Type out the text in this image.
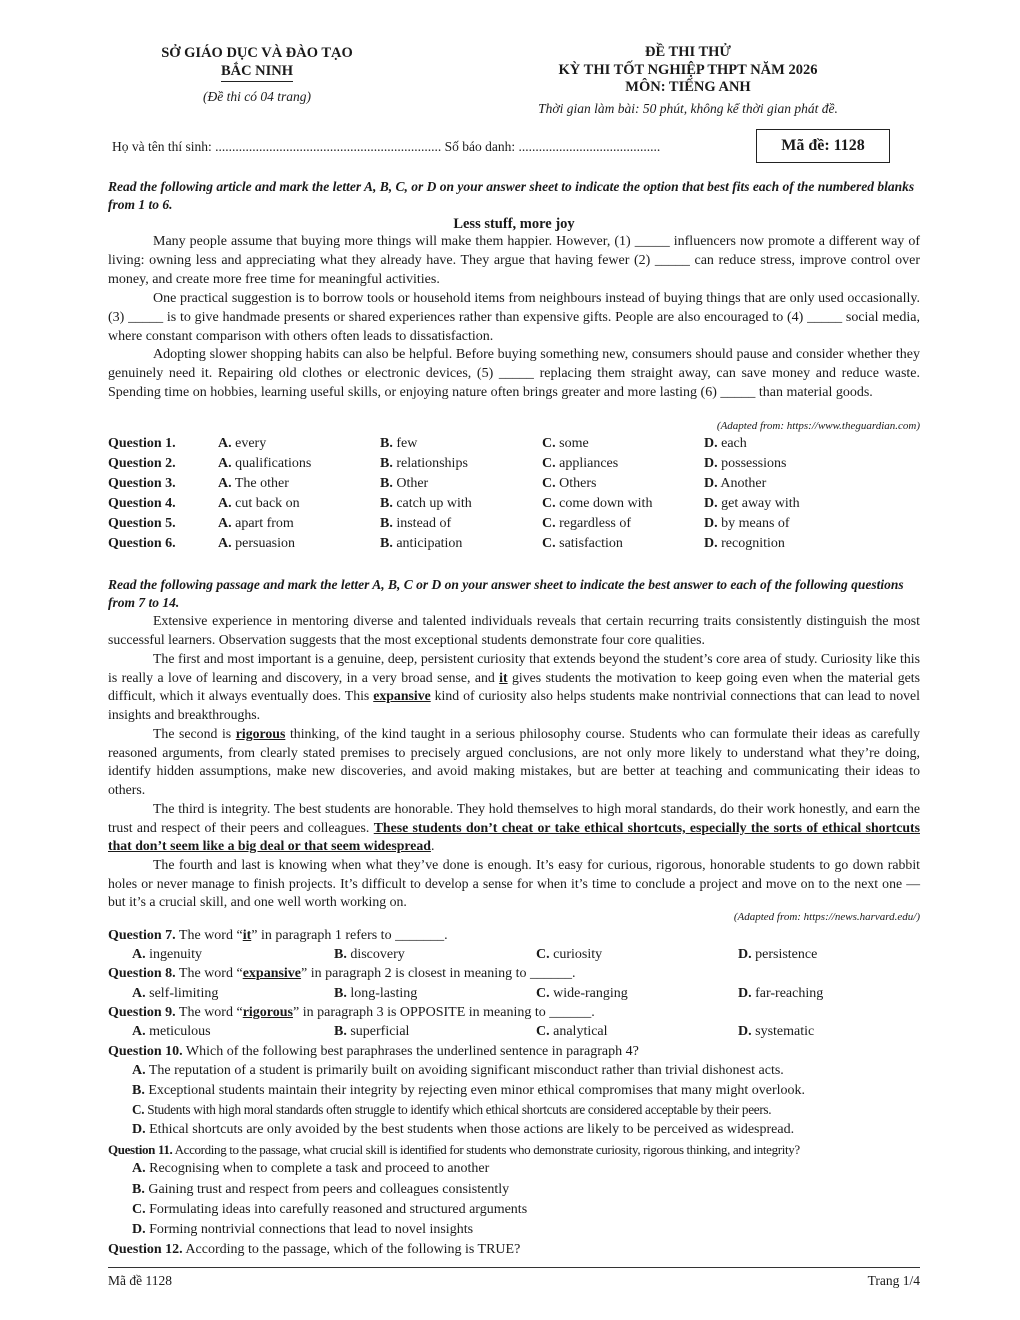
SỞ GIÁO DỤC VÀ ĐÀO TẠO
BẮC NINH
(Đề thi có 04 trang)
ĐỀ THI THỬ
KỲ THI TỐT NGHIỆP THPT NĂM 2026
MÔN: TIẾNG ANH
Thời gian làm bài: 50 phút, không kể thời gian phát đề.
Họ và tên thí sinh: ................................................................... Số báo danh: ..........................................	Mã đề: 1128
Read the following article and mark the letter A, B, C, or D on your answer sheet to indicate the option that best fits each of the numbered blanks from 1 to 6.
Less stuff, more joy
Many people assume that buying more things will make them happier. However, (1) _____ influencers now promote a different way of living: owning less and appreciating what they already have. They argue that having fewer (2) _____ can reduce stress, improve control over money, and create more free time for meaningful activities.
One practical suggestion is to borrow tools or household items from neighbours instead of buying things that are only used occasionally. (3) _____ is to give handmade presents or shared experiences rather than expensive gifts. People are also encouraged to (4) _____ social media, where constant comparison with others often leads to dissatisfaction.
Adopting slower shopping habits can also be helpful. Before buying something new, consumers should pause and consider whether they genuinely need it. Repairing old clothes or electronic devices, (5) _____ replacing them straight away, can save money and reduce waste. Spending time on hobbies, learning useful skills, or enjoying nature often brings greater and more lasting (6) _____ than material goods.
(Adapted from: https://www.theguardian.com)
Question 1.	A. every	B. few	C. some	D. each
Question 2.	A. qualifications	B. relationships	C. appliances	D. possessions
Question 3.	A. The other	B. Other	C. Others	D. Another
Question 4.	A. cut back on	B. catch up with	C. come down with	D. get away with
Question 5.	A. apart from	B. instead of	C. regardless of	D. by means of
Question 6.	A. persuasion	B. anticipation	C. satisfaction	D. recognition
Read the following passage and mark the letter A, B, C or D on your answer sheet to indicate the best answer to each of the following questions from 7 to 14.
Extensive experience in mentoring diverse and talented individuals reveals that certain recurring traits consistently distinguish the most successful learners. Observation suggests that the most exceptional students demonstrate four core qualities.
The first and most important is a genuine, deep, persistent curiosity that extends beyond the student’s core area of study. Curiosity like this is really a love of learning and discovery, in a very broad sense, and it gives students the motivation to keep going even when the material gets difficult, which it always eventually does. This expansive kind of curiosity also helps students make nontrivial connections that can lead to novel insights and breakthroughs.
The second is rigorous thinking, of the kind taught in a serious philosophy course. Students who can formulate their ideas as carefully reasoned arguments, from clearly stated premises to precisely argued conclusions, are not only more likely to understand what they’re doing, identify hidden assumptions, make new discoveries, and avoid making mistakes, but are better at teaching and communicating their ideas to others.
The third is integrity. The best students are honorable. They hold themselves to high moral standards, do their work honestly, and earn the trust and respect of their peers and colleagues. These students don’t cheat or take ethical shortcuts, especially the sorts of ethical shortcuts that don’t seem like a big deal or that seem widespread.
The fourth and last is knowing when what they’ve done is enough. It’s easy for curious, rigorous, honorable students to go down rabbit holes or never manage to finish projects. It’s difficult to develop a sense for when it’s time to conclude a project and move on to the next one — but it’s a crucial skill, and one well worth working on.
(Adapted from: https://news.harvard.edu/)
Question 7. The word “it” in paragraph 1 refers to _______.
A. ingenuity	B. discovery	C. curiosity	D. persistence
Question 8. The word “expansive” in paragraph 2 is closest in meaning to ______.
A. self-limiting	B. long-lasting	C. wide-ranging	D. far-reaching
Question 9. The word “rigorous” in paragraph 3 is OPPOSITE in meaning to ______.
A. meticulous	B. superficial	C. analytical	D. systematic
Question 10. Which of the following best paraphrases the underlined sentence in paragraph 4?
A. The reputation of a student is primarily built on avoiding significant misconduct rather than trivial dishonest acts.
B. Exceptional students maintain their integrity by rejecting even minor ethical compromises that many might overlook.
C. Students with high moral standards often struggle to identify which ethical shortcuts are considered acceptable by their peers.
D. Ethical shortcuts are only avoided by the best students when those actions are likely to be perceived as widespread.
Question 11. According to the passage, what crucial skill is identified for students who demonstrate curiosity, rigorous thinking, and integrity?
A. Recognising when to complete a task and proceed to another
B. Gaining trust and respect from peers and colleagues consistently
C. Formulating ideas into carefully reasoned and structured arguments
D. Forming nontrivial connections that lead to novel insights
Question 12. According to the passage, which of the following is TRUE?
Mã đề 1128	Trang 1/4
